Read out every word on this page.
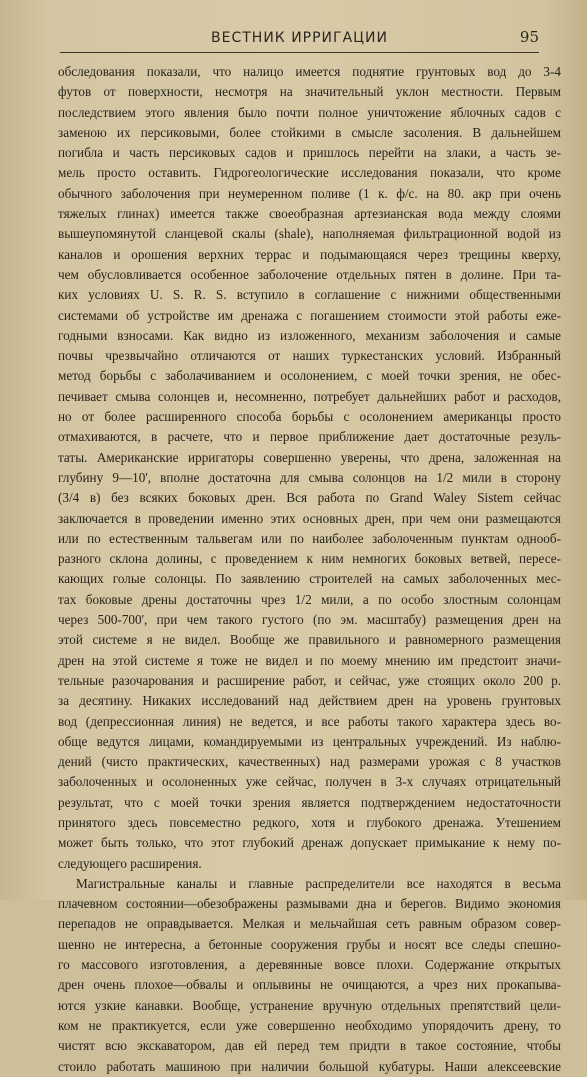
ВЕСТНИК ИРРИГАЦИИ	95
обследования показали, что налицо имеется поднятие грунтовых вод до 3-4
футов от поверхности, несмотря на значительный уклон местности. Первым
последствием этого явления было почти полное уничтожение яблочных садов с
заменою их персиковыми, более стойкими в смысле засоления. В дальнейшем
погибла и часть персиковых садов и пришлось перейти на злаки, а часть зе-
мель просто оставить. Гидрогеологические исследования показали, что кроме
обычного заболочения при неумеренном поливе (1 к. ф/с. на 80. акр при очень
тяжелых глинах) имеется также своеобразная артезианская вода между слоями
вышеупомянутой сланцевой скалы (shale), наполняемая фильтрационной водой из
каналов и орошения верхних террас и подымающаяся через трещины кверху,
чем обусловливается особенное заболочение отдельных пятен в долине. При та-
ких условиях U. S. R. S. вступило в соглашение с нижними общественными
системами об устройстве им дренажа с погашением стоимости этой работы еже-
годными взносами. Как видно из изложенного, механизм заболочения и самые
почвы чрезвычайно отличаются от наших туркестанских условий. Избранный
метод борьбы с заболачиванием и осолонением, с моей точки зрения, не обес-
печивает смыва солонцев и, несомненно, потребует дальнейших работ и расходов,
но от более расширенного способа борьбы с осолонением американцы просто
отмахиваются, в расчете, что и первое приближение дает достаточные резуль-
таты. Американские ирригаторы совершенно уверены, что дрена, заложенная на
глубину 9—10', вполне достаточна для смыва солонцов на 1/2 мили в сторону
(3/4 в) без всяких боковых дрен. Вся работа по Grand Waley Sistem сейчас
заключается в проведении именно этих основных дрен, при чем они размещаются
или по естественным тальвегам или по наиболее заболоченным пунктам однооб-
разного склона долины, с проведением к ним немногих боковых ветвей, пересе-
кающих голые солонцы. По заявлению строителей на самых заболоченных мес-
тах боковые дрены достаточны чрез 1/2 мили, а по особо злостным солонцам
через 500-700', при чем такого густого (по эм. масштабу) размещения дрен на
этой системе я не видел. Вообще же правильного и равномерного размещения
дрен на этой системе я тоже не видел и по моему мнению им предстоит значи-
тельные разочарования и расширение работ, и сейчас, уже стоящих около 200 р.
за десятину. Никаких исследований над действием дрен на уровень грунтовых
вод (депрессионная линия) не ведется, и все работы такого характера здесь во-
обще ведутся лицами, командируемыми из центральных учреждений. Из наблю-
дений (чисто практических, качественных) над размерами урожая с 8 участков
заболоченных и осолоненных уже сейчас, получен в 3-х случаях отрицательный
результат, что с моей точки зрения является подтверждением недостаточности
принятого здесь повсеместно редкого, хотя и глубокого дренажа. Утешением
может быть только, что этот глубокий дренаж допускает примыкание к нему по-
следующего расширения.
Магистральные каналы и главные распределители все находятся в весьма
плачевном состоянии—обезображены размывами дна и берегов. Видимо экономия
перепадов не оправдывается. Мелкая и мельчайшая сеть равным образом совер-
шенно не интересна, а бетонные сооружения грубы и носят все следы спешно-
го массового изготовления, а деревянные вовсе плохи. Содержание открытых
дрен очень плохое—обвалы и оплывины не очищаются, а чрез них прокапыва-
ются узкие канавки. Вообще, устранение вручную отдельных препятствий цели-
ком не практикуется, если уже совершенно необходимо упорядочить дрену, то
чистят всю экскаватором, дав ей перед тем придти в такое состояние, чтобы
стоило работать машиною при наличии большой кубатуры. Наши алексеевские
